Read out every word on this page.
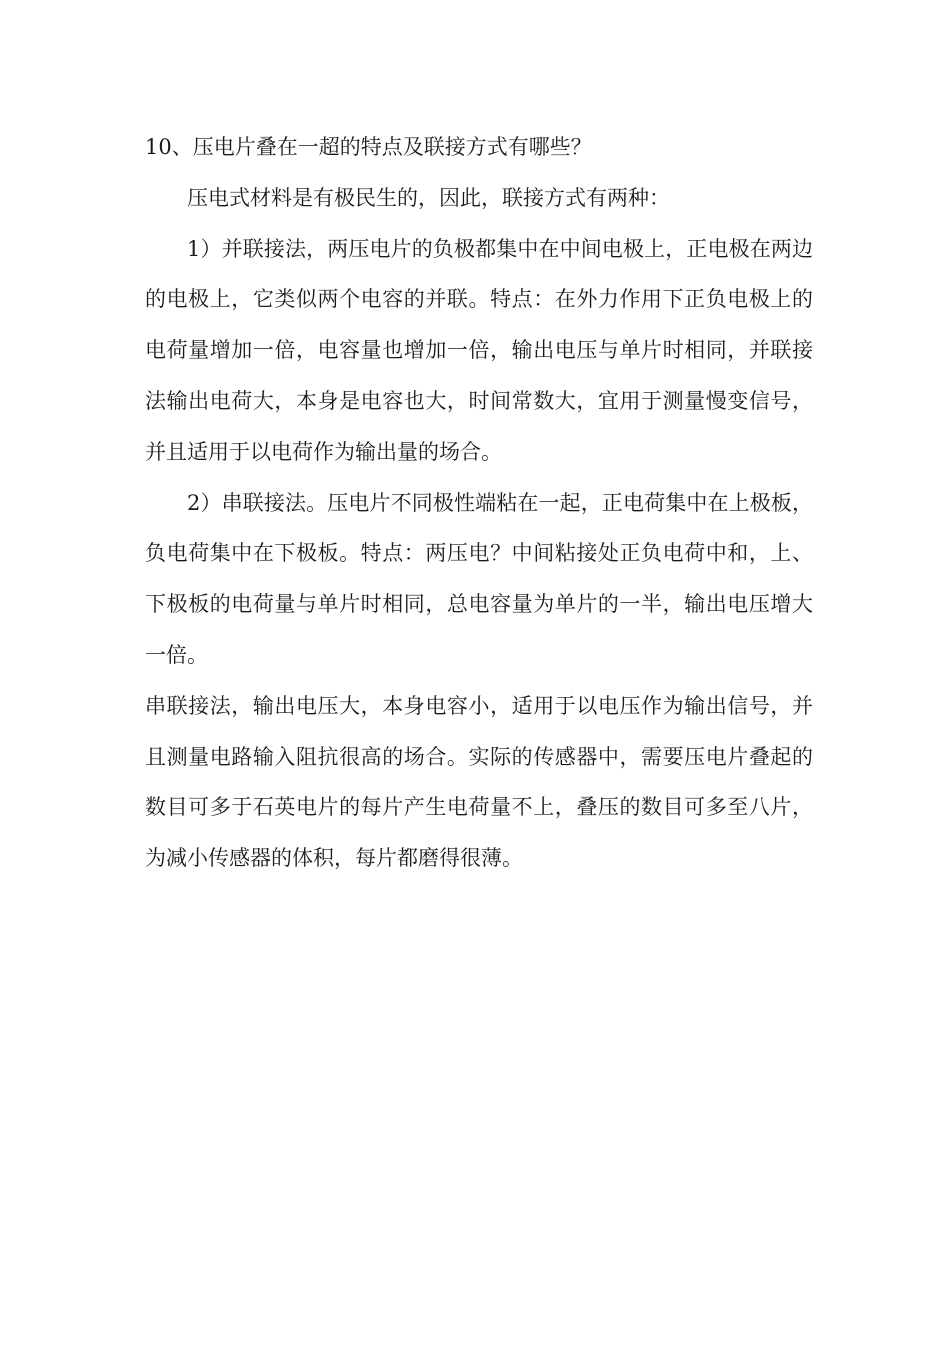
10、压电片叠在一超的特点及联接方式有哪些？

压电式材料是有极民生的，因此，联接方式有两种：

1）并联接法，两压电片的负极都集中在中间电极上，正电极在两边的电极上，它类似两个电容的并联。特点：在外力作用下正负电极上的电荷量增加一倍，电容量也增加一倍，输出电压与单片时相同，并联接法输出电荷大，本身是电容也大，时间常数大，宜用于测量慢变信号，并且适用于以电荷作为输出量的场合。

2）串联接法。压电片不同极性端粘在一起，正电荷集中在上极板，负电荷集中在下极板。特点：两压电？中间粘接处正负电荷中和，上、下极板的电荷量与单片时相同，总电容量为单片的一半，输出电压增大一倍。

串联接法，输出电压大，本身电容小，适用于以电压作为输出信号，并且测量电路输入阻抗很高的场合。实际的传感器中，需要压电片叠起的数目可多于石英电片的每片产生电荷量不上，叠压的数目可多至八片，为减小传感器的体积，每片都磨得很薄。
